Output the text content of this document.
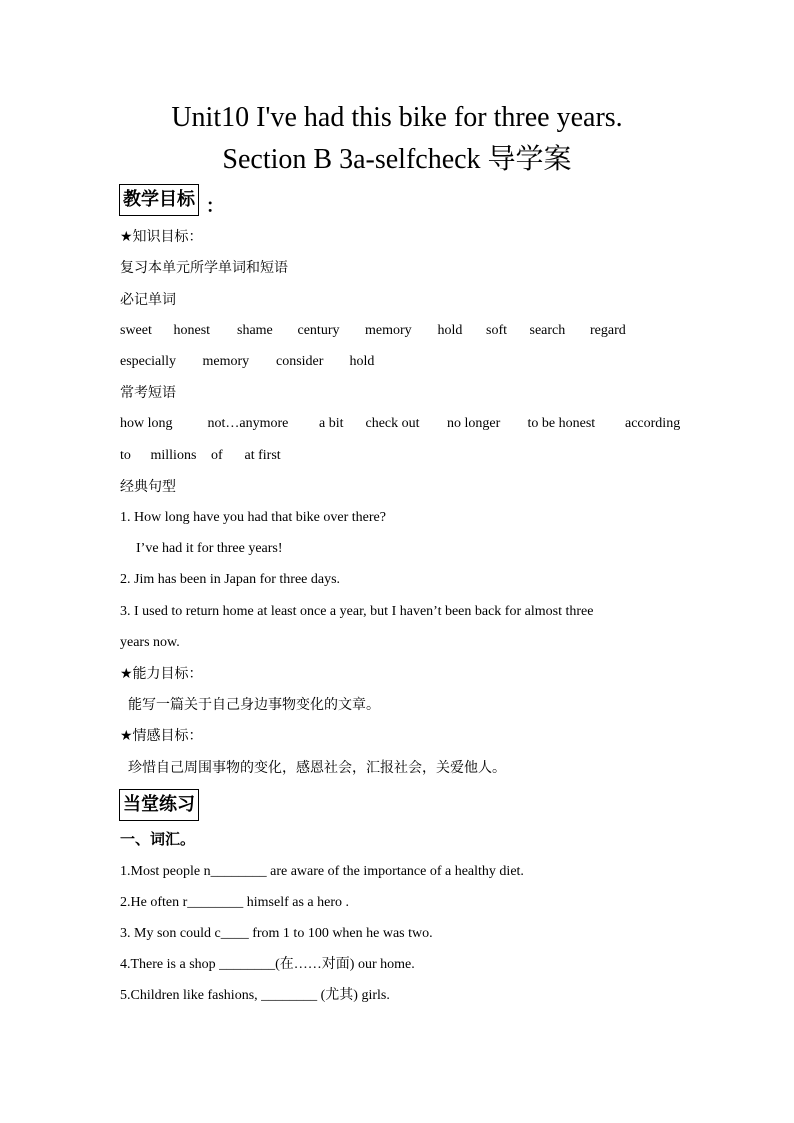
Unit10 I've had this bike for three years.
Section B 3a-selfcheck 导学案
教学目标 ：
★知识目标：
复习本单元所学单词和短语
必记单词
sweet honest shame century memory hold soft search regard
especially memory consider hold
常考短语
how long	not…anymore a bit check out no longer to be honest according
to millions of at first
经典句型
1. How long have you had that bike over there?
I’ve had it for three years!
2. Jim has been in Japan for three days.
3. I used to return home at least once a year, but I haven’t been back for almost three
years now.
★能力目标：
能写一篇关于自己身边事物变化的文章。
★情感目标：
珍惜自己周围事物的变化，感恩社会，汇报社会，关爱他人。
当堂练习
一、词汇。
1.Most people n________ are aware of the importance of a healthy diet.
2.He often r________ himself as a hero .
3. My son could c____ from 1 to 100 when he was two.
4.There is a shop ________(在……对面) our home.
5.Children like fashions, ________ (尤其) girls.
